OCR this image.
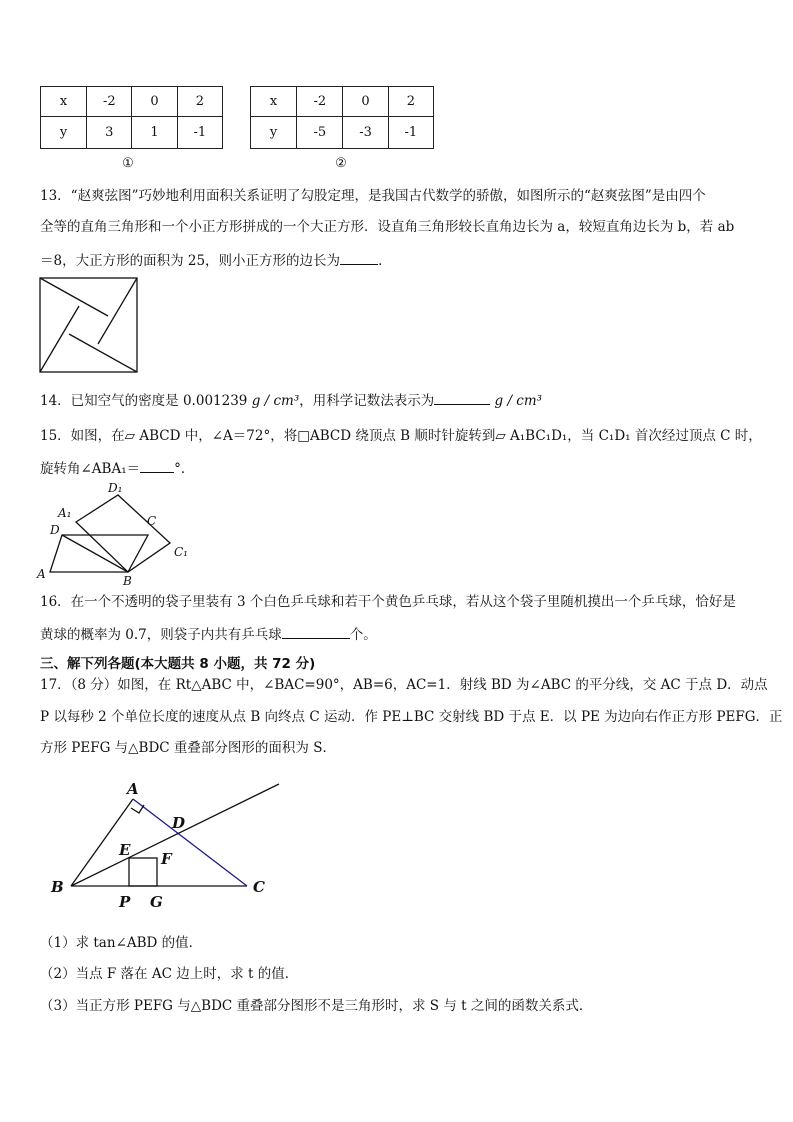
x	-2	0	2
y	3	1	-1
①
x	-2	0	2
y	-5	-3	-1
②
13．“赵爽弦图”巧妙地利用面积关系证明了勾股定理，是我国古代数学的骄傲，如图所示的“赵爽弦图”是由四个
全等的直角三角形和一个小正方形拼成的一个大正方形．设直角三角形较长直角边长为 a，较短直角边长为 b，若 ab
＝8，大正方形的面积为 25，则小正方形的边长为	．
14．已知空气的密度是 0.001239 g / cm³，用科学记数法表示为	g / cm³
15．如图，在▱ ABCD 中，∠A＝72°，将□ABCD 绕顶点 B 顺时针旋转到▱ A₁BC₁D₁，当 C₁D₁ 首次经过顶点 C 时，
旋转角∠ABA₁＝	°．
D₁
A₁
D
C
C₁
A	B
16．在一个不透明的袋子里装有 3 个白色乒乓球和若干个黄色乒乓球，若从这个袋子里随机摸出一个乒乓球，恰好是
黄球的概率为 0.7，则袋子内共有乒乓球	个。
三、解下列各题(本大题共 8 小题，共 72 分)
17．（8 分）如图，在 Rt△ABC 中，∠BAC=90°，AB=6，AC=1．射线 BD 为∠ABC 的平分线，交 AC 于点 D．动点
P 以每秒 2 个单位长度的速度从点 B 向终点 C 运动．作 PE⊥BC 交射线 BD 于点 E．以 PE 为边向右作正方形 PEFG．正
方形 PEFG 与△BDC 重叠部分图形的面积为 S．
A
D
E F
B	C
P G
（1）求 tan∠ABD 的值．
（2）当点 F 落在 AC 边上时，求 t 的值．
（3）当正方形 PEFG 与△BDC 重叠部分图形不是三角形时，求 S 与 t 之间的函数关系式．
